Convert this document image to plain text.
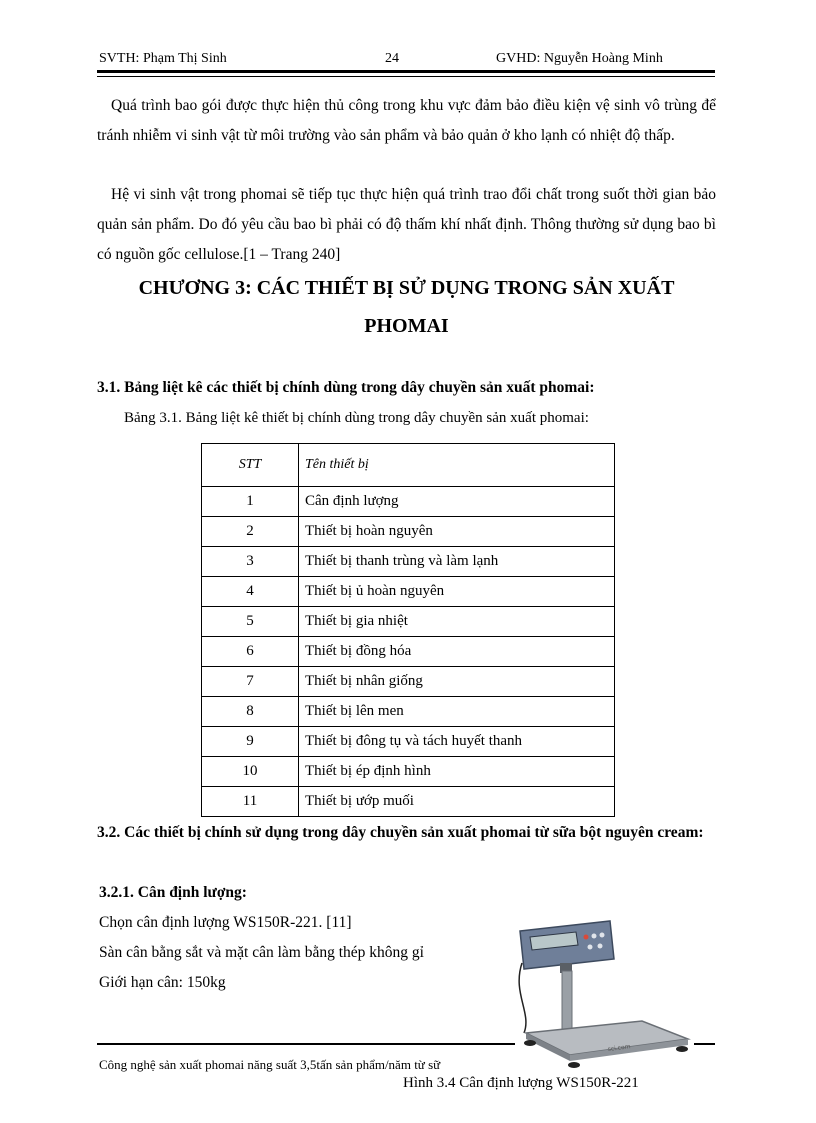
SVTH: Phạm Thị Sinh	24	GVHD: Nguyễn Hoàng Minh

Quá trình bao gói được thực hiện thủ công trong khu vực đảm bảo điều kiện vệ sinh vô trùng để tránh nhiễm vi sinh vật từ môi trường vào sản phẩm và bảo quản ở kho lạnh có nhiệt độ thấp.

Hệ vi sinh vật trong phomai sẽ tiếp tục thực hiện quá trình trao đổi chất trong suốt thời gian bảo quản sản phẩm. Do đó yêu cầu bao bì phải có độ thấm khí nhất định. Thông thường sử dụng bao bì có nguồn gốc cellulose.[1 – Trang 240]

CHƯƠNG 3: CÁC THIẾT BỊ SỬ DỤNG TRONG SẢN XUẤT

PHOMAI

3.1. Bảng liệt kê các thiết bị chính dùng trong dây chuyền sản xuất phomai:

Bảng 3.1. Bảng liệt kê thiết bị chính dùng trong dây chuyền sản xuất phomai:
STT	Tên thiết bị
1	Cân định lượng
2	Thiết bị hoàn nguyên
3	Thiết bị thanh trùng và làm lạnh
4	Thiết bị ủ hoàn nguyên
5	Thiết bị gia nhiệt
6	Thiết bị đồng hóa
7	Thiết bị nhân giống
8	Thiết bị lên men
9	Thiết bị đông tụ và tách huyết thanh
10	Thiết bị ép định hình
11	Thiết bị ướp muối

3.2. Các thiết bị chính sử dụng trong dây chuyền sản xuất phomai từ sữa bột nguyên cream:

3.2.1. Cân định lượng:
Chọn cân định lượng WS150R-221. [11]
Sàn cân bằng sắt và mặt cân làm bằng thép không gỉ
Giới hạn cân: 150kg
Công nghệ sản xuất phomai năng suất 3,5tấn sản phẩm/năm từ sữ
sci.com
Hình 3.4 Cân định lượng WS150R-221
